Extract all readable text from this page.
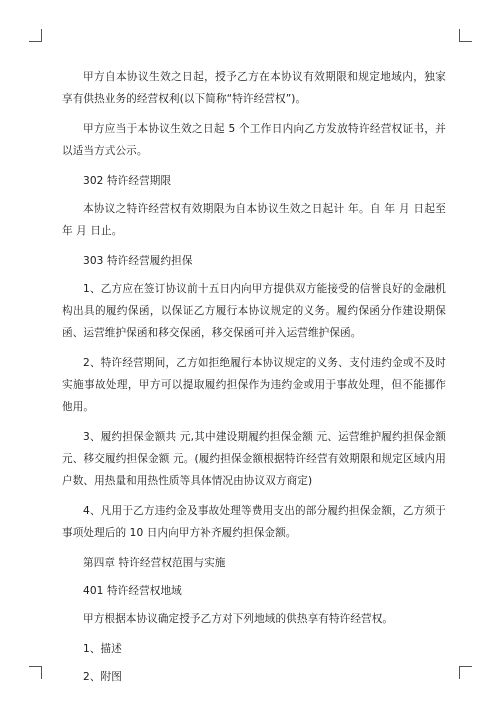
甲方自本协议生效之日起，授予乙方在本协议有效期限和规定地域内，独家享有供热业务的经营权利(以下简称“特许经营权”)。

甲方应当于本协议生效之日起 5 个工作日内向乙方发放特许经营权证书，并以适当方式公示。

302 特许经营期限

本协议之特许经营权有效期限为自本协议生效之日起计 年。自 年 月 日起至 年 月 日止。

303 特许经营履约担保

1、乙方应在签订协议前十五日内向甲方提供双方能接受的信誉良好的金融机构出具的履约保函，以保证乙方履行本协议规定的义务。履约保函分作建设期保函、运营维护保函和移交保函，移交保函可并入运营维护保函。

2、特许经营期间，乙方如拒绝履行本协议规定的义务、支付违约金或不及时实施事故处理，甲方可以提取履约担保作为违约金或用于事故处理，但不能挪作他用。

3、履约担保金额共 元,其中建设期履约担保金额 元、运营维护履约担保金额 元、移交履约担保金额 元。(履约担保金额根据特许经营有效期限和规定区域内用户数、用热量和用热性质等具体情况由协议双方商定)

4、凡用于乙方违约金及事故处理等费用支出的部分履约担保金额，乙方须于事项处理后的 10 日内向甲方补齐履约担保金额。

第四章 特许经营权范围与实施

401 特许经营权地域

甲方根据本协议确定授予乙方对下列地域的供热享有特许经营权。

1、描述

2、附图
